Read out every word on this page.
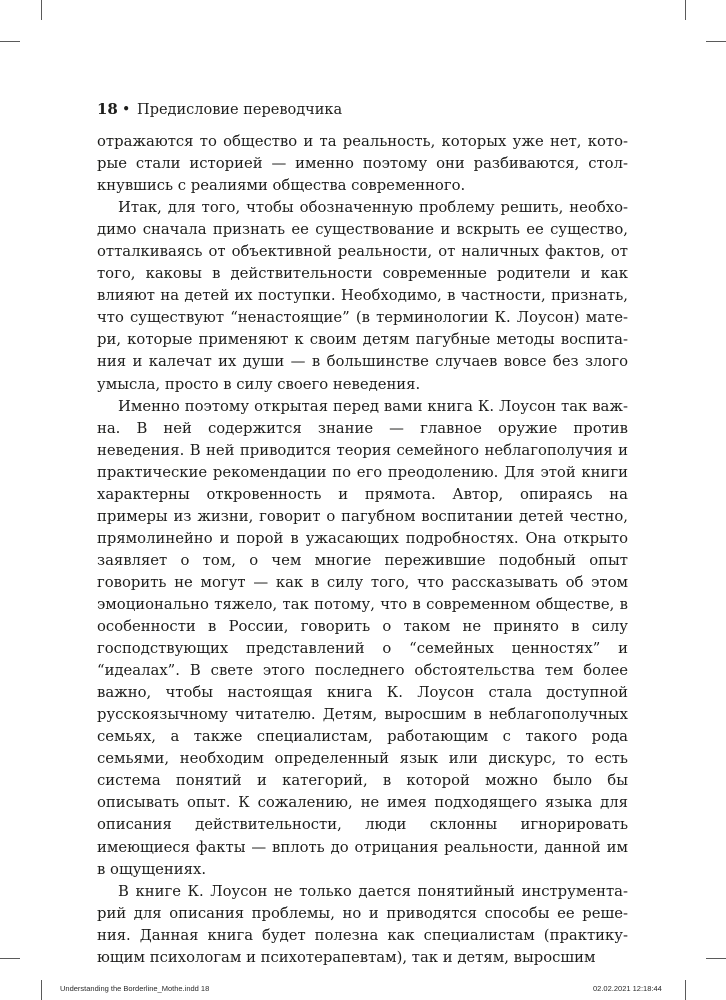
18 • Предисловие переводчика

отражаются то общество и та реальность, которых уже нет, которые стали историей — именно поэтому они разбиваются, столкнувшись с реалиями общества современного.

Итак, для того, чтобы обозначенную проблему решить, необходимо сначала признать ее существование и вскрыть ее существо, отталкиваясь от объективной реальности, от наличных фактов, от того, каковы в действительности современные родители и как влияют на детей их поступки. Необходимо, в частности, признать, что существуют “ненастоящие” (в терминологии К. Лоусон) матери, которые применяют к своим детям пагубные методы воспитания и калечат их души — в большинстве случаев вовсе без злого умысла, просто в силу своего неведения.

Именно поэтому открытая перед вами книга К. Лоусон так важна. В ней содержится знание — главное оружие против неведения. В ней приводится теория семейного неблагополучия и практические рекомендации по его преодолению. Для этой книги характерны откровенность и прямота. Автор, опираясь на примеры из жизни, говорит о пагубном воспитании детей честно, прямолинейно и порой в ужасающих подробностях. Она открыто заявляет о том, о чем многие пережившие подобный опыт говорить не могут — как в силу того, что рассказывать об этом эмоционально тяжело, так потому, что в современном обществе, в особенности в России, говорить о таком не принято в силу господствующих представлений о “семейных ценностях” и “идеалах”. В свете этого последнего обстоятельства тем более важно, чтобы настоящая книга К. Лоусон стала доступной русскоязычному читателю. Детям, выросшим в неблагополучных семьях, а также специалистам, работающим с такого рода семьями, необходим определенный язык или дискурс, то есть система понятий и категорий, в которой можно было бы описывать опыт. К сожалению, не имея подходящего языка для описания действительности, люди склонны игнорировать имеющиеся факты — вплоть до отрицания реальности, данной им в ощущениях.

В книге К. Лоусон не только дается понятийный инструментарий для описания проблемы, но и приводятся способы ее решения. Данная книга будет полезна как специалистам (практикующим психологам и психотерапевтам), так и детям, выросшим

Understanding the Borderline_Mothe.indd 18	02.02.2021 12:18:44
